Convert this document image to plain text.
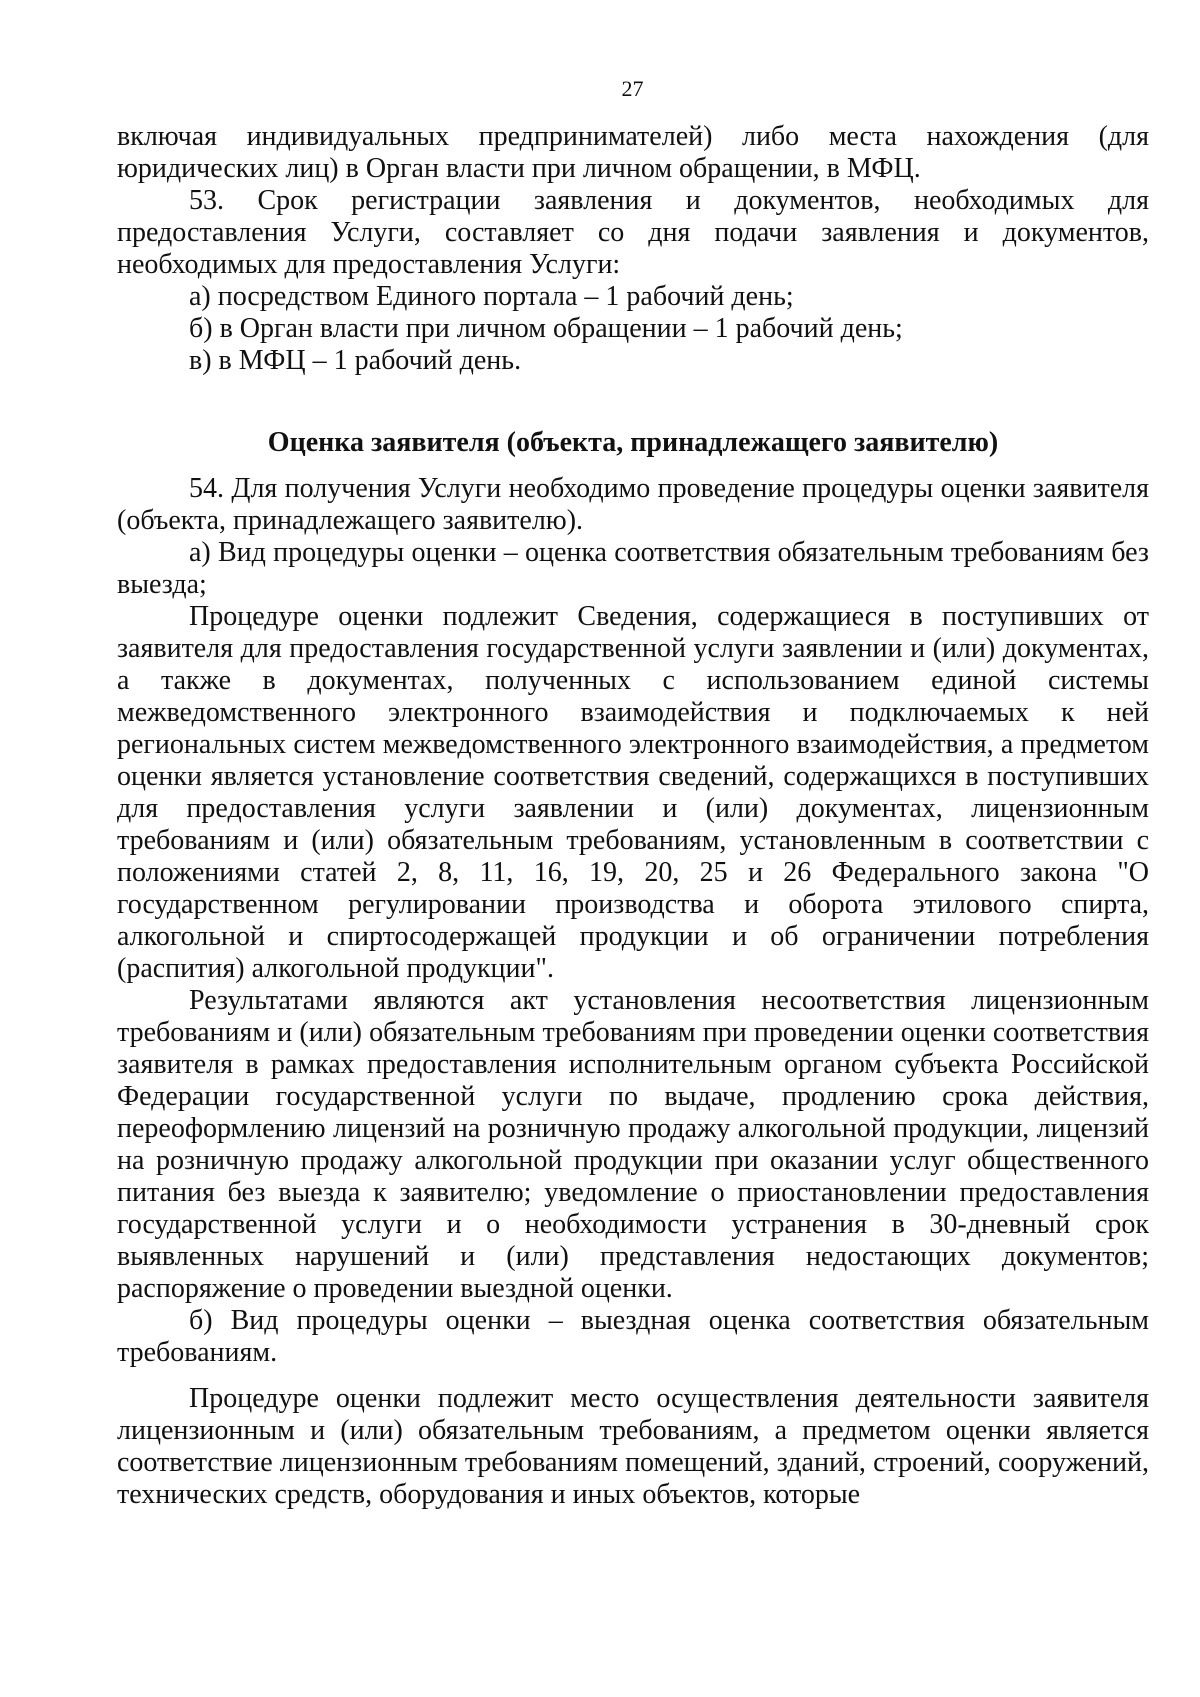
27

включая индивидуальных предпринимателей) либо места нахождения (для юридических лиц) в Орган власти при личном обращении, в МФЦ.

53. Срок регистрации заявления и документов, необходимых для предоставления Услуги, составляет со дня подачи заявления и документов, необходимых для предоставления Услуги:

а) посредством Единого портала – 1 рабочий день;

б) в Орган власти при личном обращении – 1 рабочий день;

в) в МФЦ – 1 рабочий день.

Оценка заявителя (объекта, принадлежащего заявителю)

54. Для получения Услуги необходимо проведение процедуры оценки заявителя (объекта, принадлежащего заявителю).

а) Вид процедуры оценки – оценка соответствия обязательным требованиям без выезда;

Процедуре оценки подлежит Сведения, содержащиеся в поступивших от заявителя для предоставления государственной услуги заявлении и (или) документах, а также в документах, полученных с использованием единой системы межведомственного электронного взаимодействия и подключаемых к ней региональных систем межведомственного электронного взаимодействия, а предметом оценки является установление соответствия сведений, содержащихся в поступивших для предоставления услуги заявлении и (или) документах, лицензионным требованиям и (или) обязательным требованиям, установленным в соответствии с положениями статей 2, 8, 11, 16, 19, 20, 25 и 26 Федерального закона "О государственном регулировании производства и оборота этилового спирта, алкогольной и спиртосодержащей продукции и об ограничении потребления (распития) алкогольной продукции".

Результатами являются акт установления несоответствия лицензионным требованиям и (или) обязательным требованиям при проведении оценки соответствия заявителя в рамках предоставления исполнительным органом субъекта Российской Федерации государственной услуги по выдаче, продлению срока действия, переоформлению лицензий на розничную продажу алкогольной продукции, лицензий на розничную продажу алкогольной продукции при оказании услуг общественного питания без выезда к заявителю; уведомление о приостановлении предоставления государственной услуги и о необходимости устранения в 30-дневный срок выявленных нарушений и (или) представления недостающих документов; распоряжение о проведении выездной оценки.

б) Вид процедуры оценки – выездная оценка соответствия обязательным требованиям.

Процедуре оценки подлежит место осуществления деятельности заявителя лицензионным и (или) обязательным требованиям, а предметом оценки является соответствие лицензионным требованиям помещений, зданий, строений, сооружений, технических средств, оборудования и иных объектов, которые
